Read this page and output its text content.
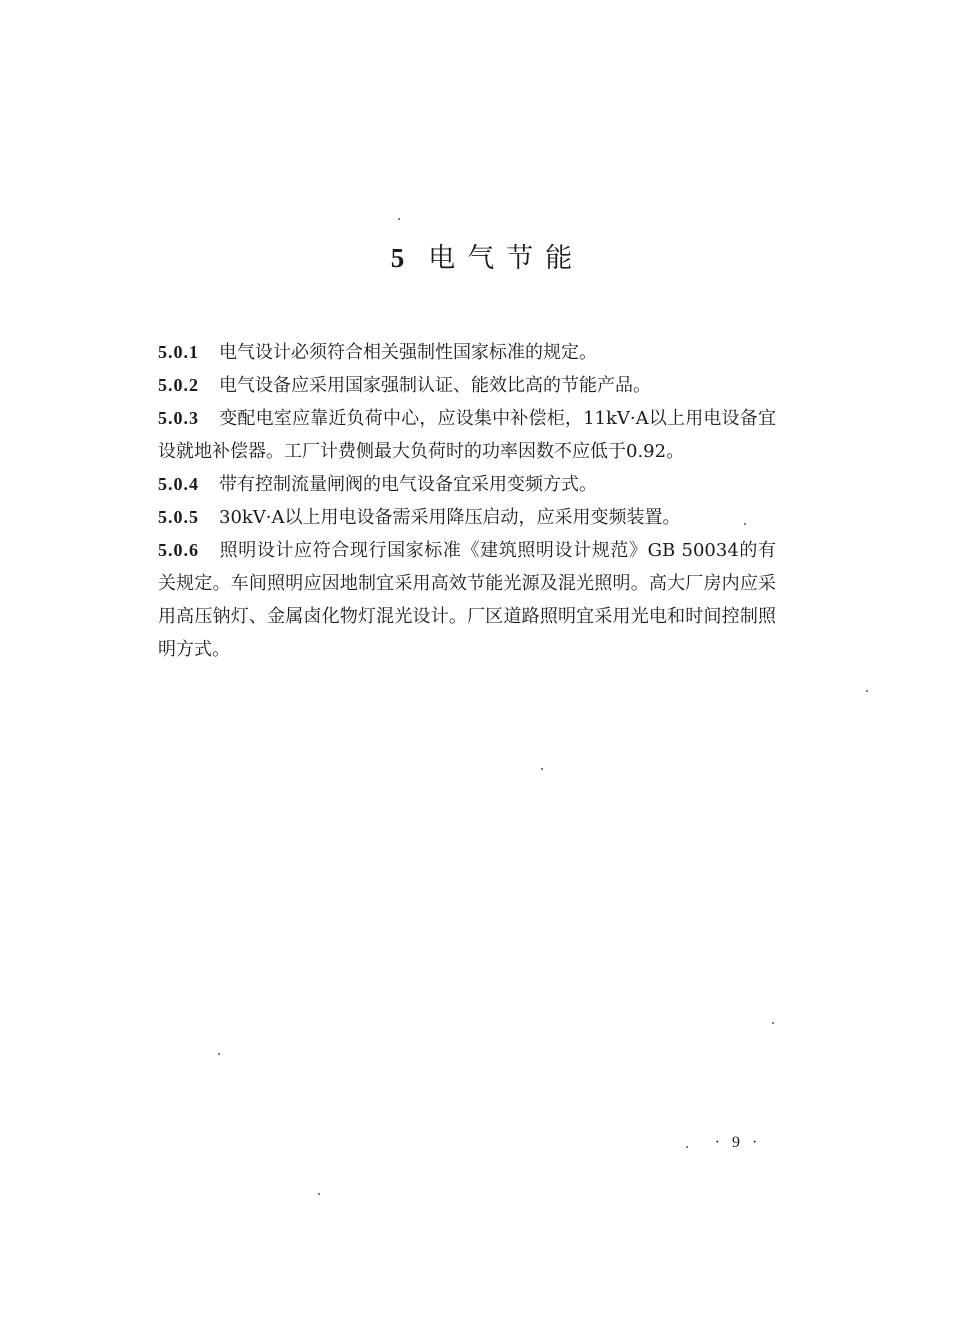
5 电气节能

5.0.1 电气设计必须符合相关强制性国家标准的规定。

5.0.2 电气设备应采用国家强制认证、能效比高的节能产品。

5.0.3 变配电室应靠近负荷中心，应设集中补偿柜，11kV·A以上用电设备宜设就地补偿器。工厂计费侧最大负荷时的功率因数不应低于0.92。

5.0.4 带有控制流量闸阀的电气设备宜采用变频方式。

5.0.5 30kV·A以上用电设备需采用降压启动，应采用变频装置。

5.0.6 照明设计应符合现行国家标准《建筑照明设计规范》GB 50034的有关规定。车间照明应因地制宜采用高效节能光源及混光照明。高大厂房内应采用高压钠灯、金属卤化物灯混光设计。厂区道路照明宜采用光电和时间控制照明方式。

· 9 ·
